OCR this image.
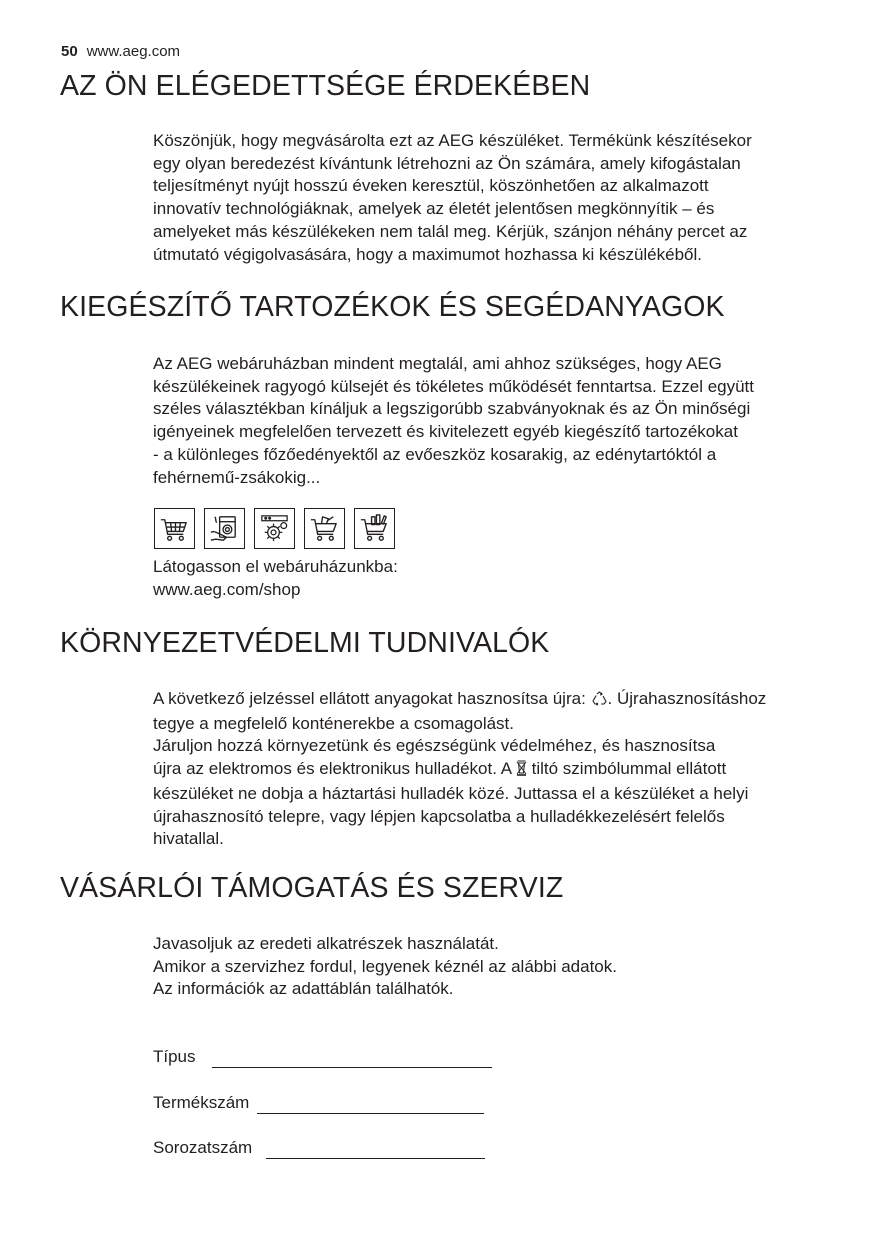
50 www.aeg.com
AZ ÖN ELÉGEDETTSÉGE ÉRDEKÉBEN

Köszönjük, hogy megvásárolta ezt az AEG készüléket. Termékünk készítésekor

egy olyan beredezést kívántunk létrehozni az Ön számára, amely kifogástalan

teljesítményt nyújt hosszú éveken keresztül, köszönhetően az alkalmazott

innovatív technológiáknak, amelyek az életét jelentősen megkönnyítik – és

amelyeket más készülékeken nem talál meg. Kérjük, szánjon néhány percet az

útmutató végigolvasására, hogy a maximumot hozhassa ki készülékéből.

KIEGÉSZÍTŐ TARTOZÉKOK ÉS SEGÉDANYAGOK

Az AEG webáruházban mindent megtalál, ami ahhoz szükséges, hogy AEG

készülékeinek ragyogó külsejét és tökéletes működését fenntartsa. Ezzel együtt

széles választékban kínáljuk a legszigorúbb szabványoknak és az Ön minőségi

igényeinek megfelelően tervezett és kivitelezett egyéb kiegészítő tartozékokat

- a különleges főzőedényektől az evőeszköz kosarakig, az edénytartóktól a

fehérnemű-zsákokig...

Látogasson el webáruházunkba:

www.aeg.com/shop

KÖRNYEZETVÉDELMI TUDNIVALÓK

A következő jelzéssel ellátott anyagokat hasznosítsa újra: . Újrahasznosításhoz

tegye a megfelelő konténerekbe a csomagolást.

Járuljon hozzá környezetünk és egészségünk védelméhez, és hasznosítsa

újra az elektromos és elektronikus hulladékot. A tiltó szimbólummal ellátott

készüléket ne dobja a háztartási hulladék közé. Juttassa el a készüléket a helyi

újrahasznosító telepre, vagy lépjen kapcsolatba a hulladékkezelésért felelős

hivatallal.

VÁSÁRLÓI TÁMOGATÁS ÉS SZERVIZ

Javasoljuk az eredeti alkatrészek használatát.

Amikor a szervizhez fordul, legyenek kéznél az alábbi adatok.

Az információk az adattáblán találhatók.

Típus
Termékszám
Sorozatszám
